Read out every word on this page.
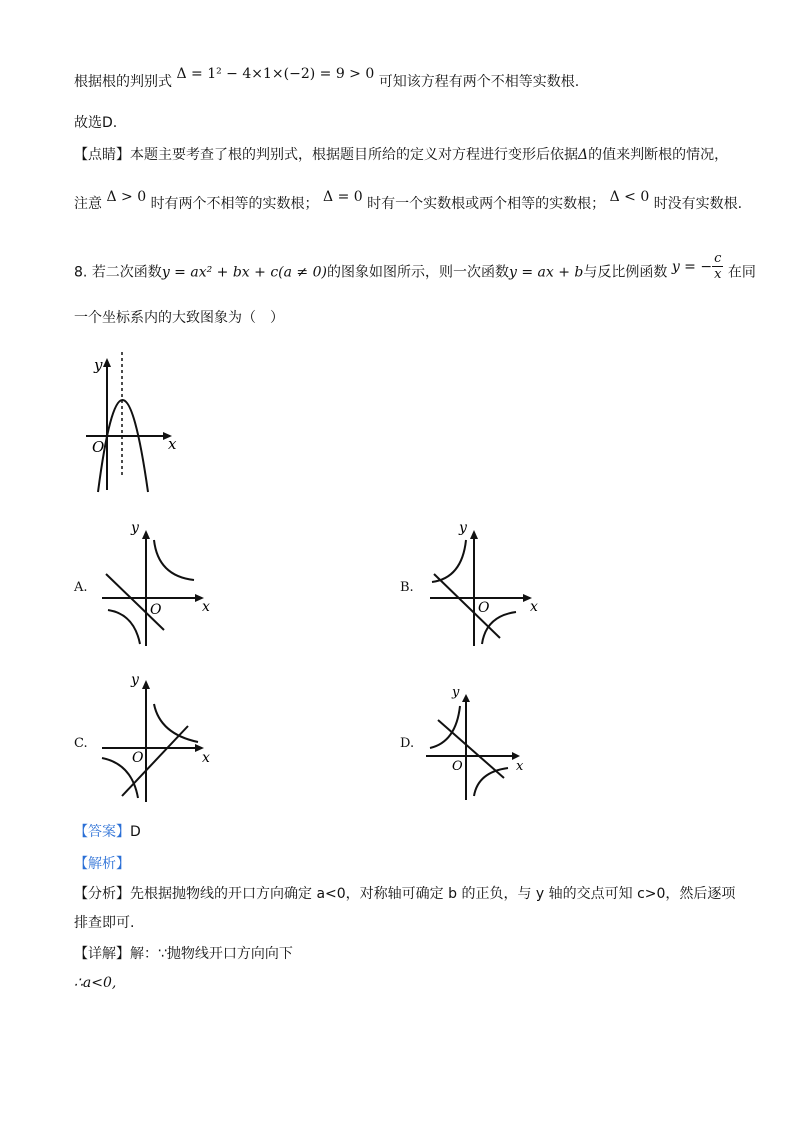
根据根的判别式 Δ = 1² − 4×1×(−2) = 9 > 0 可知该方程有两个不相等实数根.
故选D.
【点睛】本题主要考查了根的判别式，根据题目所给的定义对方程进行变形后依据Δ的值来判断根的情况，
注意 Δ > 0 时有两个不相等的实数根； Δ = 0 时有一个实数根或两个相等的实数根； Δ < 0 时没有实数根.
8. 若二次函数y = ax² + bx + c(a ≠ 0)的图象如图所示，则一次函数y = ax + b与反比例函数 y = − $\frac{c}{x}$ 在同
一个坐标系内的大致图象为（　）
y
x
O
A.
y
x
O
B.
y
x
O
C.
y
x
O
D.
y
x
O
【答案】D
【解析】
【分析】先根据抛物线的开口方向确定 a<0，对称轴可确定 b 的正负，与 y 轴的交点可知 c>0，然后逐项
排查即可.
【详解】解：∵抛物线开口方向向下
∴a<0,
